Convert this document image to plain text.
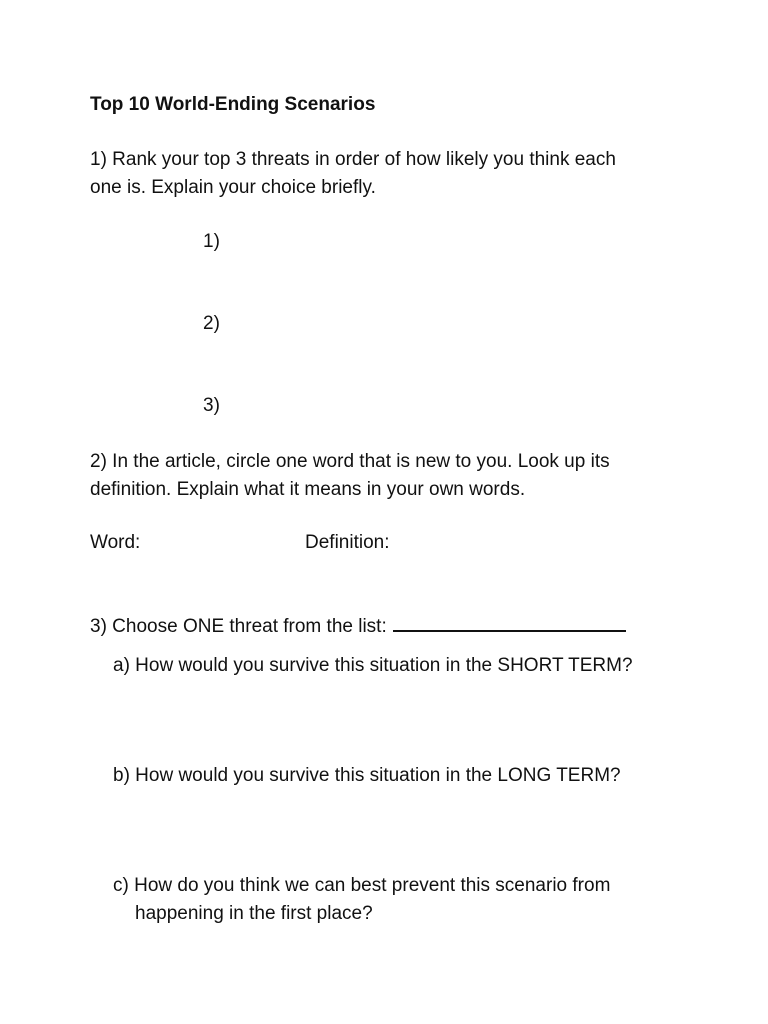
Top 10 World-Ending Scenarios

1) Rank your top 3 threats in order of how likely you think each

one is. Explain your choice briefly.

1)

2)

3)

2) In the article, circle one word that is new to you. Look up its

definition. Explain what it means in your own words.

Word:	Definition:

3) Choose ONE threat from the list:

a) How would you survive this situation in the SHORT TERM?

b) How would you survive this situation in the LONG TERM?

c) How do you think we can best prevent this scenario from
happening in the first place?
